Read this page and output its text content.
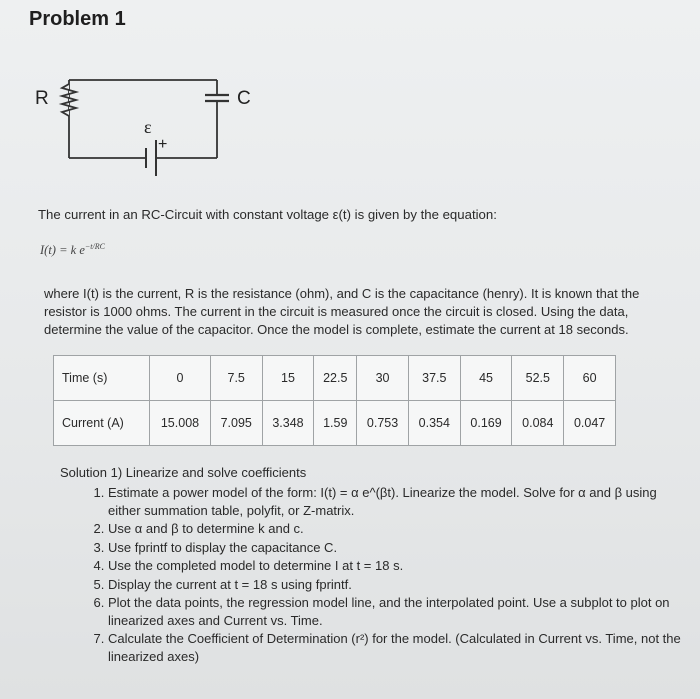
Problem 1
R	C
ε
+
The current in an RC-Circuit with constant voltage ε(t) is given by the equation:
I(t) = k $e^{-t/RC}$
where I(t) is the current, R is the resistance (ohm), and C is the capacitance (henry). It is known that the resistor is 1000 ohms. The current in the circuit is measured once the circuit is closed. Using the data, determine the value of the capacitor. Once the model is complete, estimate the current at 18 seconds.
Time (s)	0	7.5	15	22.5	30	37.5	45	52.5	60
Current (A)	15.008	7.095	3.348	1.59	0.753	0.354	0.169	0.084	0.047
Solution 1) Linearize and solve coefficients
1. Estimate a power model of the form: I(t) = α e^(βt). Linearize the model. Solve for α and β using either summation table, polyfit, or Z-matrix.
2. Use α and β to determine k and c.
3. Use fprintf to display the capacitance C.
4. Use the completed model to determine I at t = 18 s.
5. Display the current at t = 18 s using fprintf.
6. Plot the data points, the regression model line, and the interpolated point. Use a subplot to plot on linearized axes and Current vs. Time.
7. Calculate the Coefficient of Determination (r²) for the model. (Calculated in Current vs. Time, not the linearized axes)
